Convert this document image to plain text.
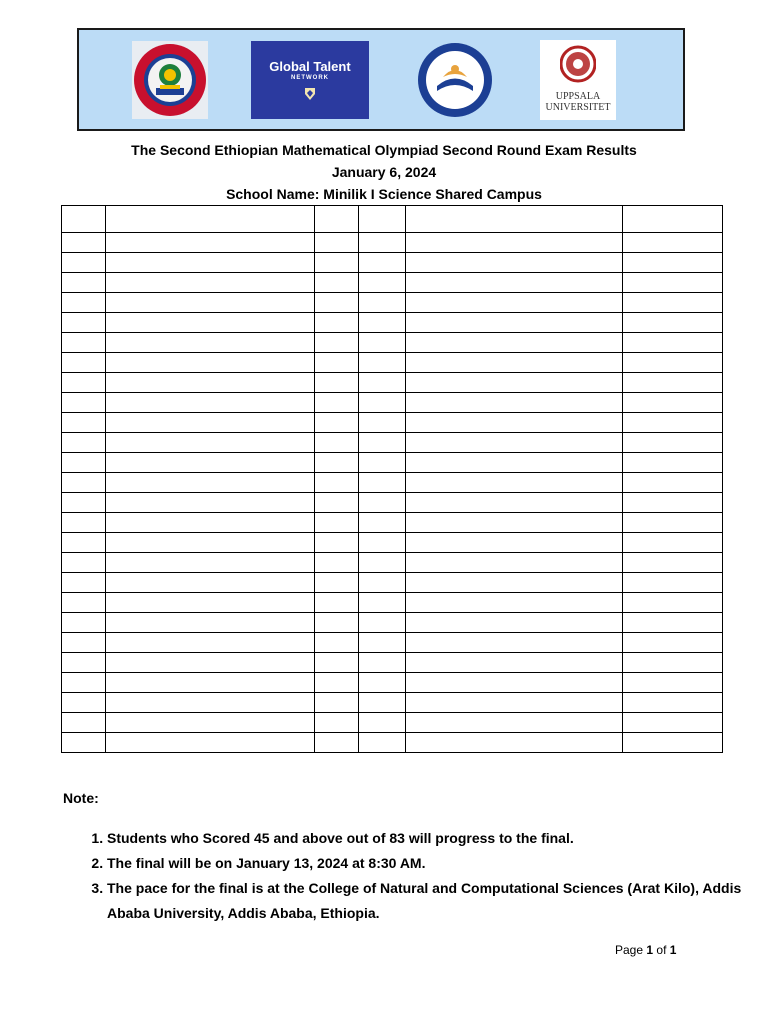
Global Talent
NETWORK
UPPSALA
UNIVERSITET
The Second Ethiopian Mathematical Olympiad Second Round Exam Results
January 6, 2024
School Name: Minilik I Science Shared Campus

Note:
1. Students who Scored 45 and above out of 83 will progress to the final.
2. The final will be on January 13, 2024 at 8:30 AM.
3. The pace for the final is at the College of Natural and Computational Sciences (Arat Kilo), Addis Ababa University, Addis Ababa, Ethiopia.
Page 1 of 1
